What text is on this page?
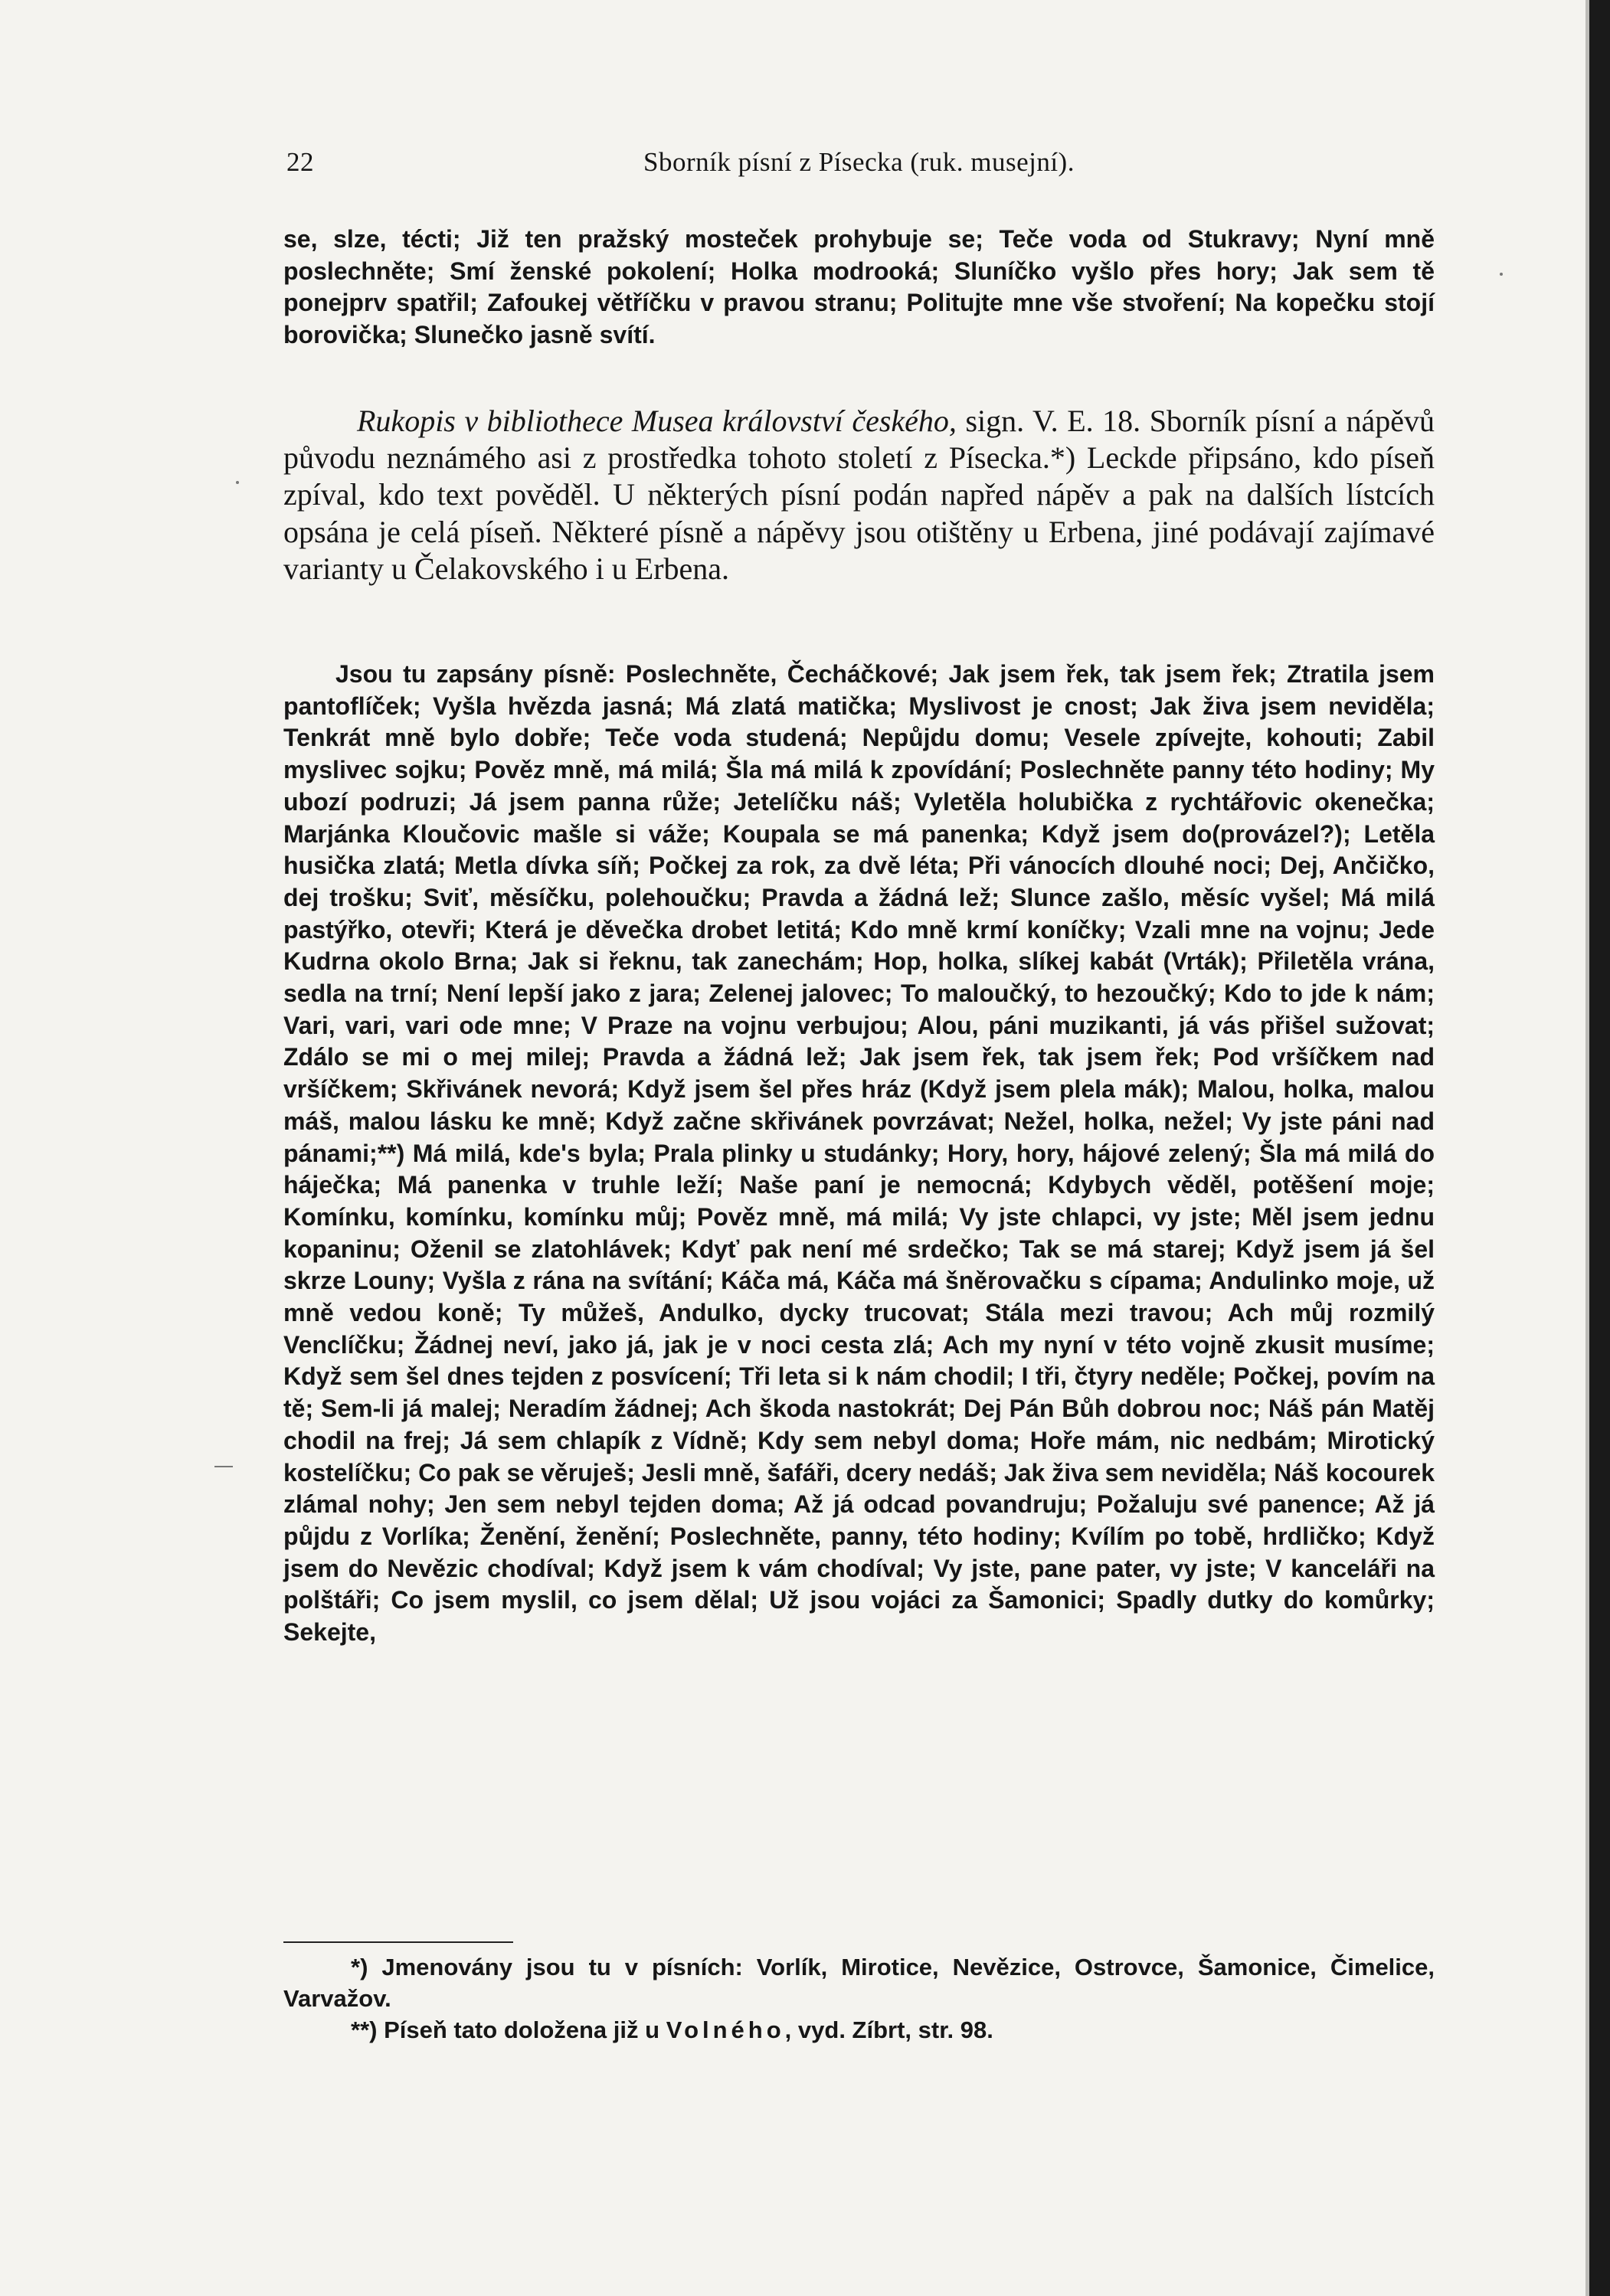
22	Sborník písní z Písecka (ruk. musejní).

se, slze, técti; Již ten pražský mosteček prohybuje se; Teče voda od Stukravy; Nyní mně poslechněte; Smí ženské pokolení; Holka modrooká; Sluníčko vyšlo přes hory; Jak sem tě ponejprv spatřil; Zafoukej větříčku v pravou stranu; Politujte mne vše stvoření; Na kopečku stojí borovička; Slunečko jasně svítí.

Rukopis v bibliothece Musea království českého, sign. V. E. 18. Sborník písní a nápěvů původu neznámého asi z prostředka tohoto století z Písecka.*) Leckde připsáno, kdo píseň zpíval, kdo text pověděl. U některých písní podán napřed nápěv a pak na dalších lístcích opsána je celá píseň. Některé písně a nápěvy jsou otištěny u Erbena, jiné podávají zajímavé varianty u Čelakovského i u Erbena.

Jsou tu zapsány písně: Poslechněte, Čecháčkové; Jak jsem řek, tak jsem řek; Ztratila jsem pantoflíček; Vyšla hvězda jasná; Má zlatá matička; Myslivost je cnost; Jak živa jsem neviděla; Tenkrát mně bylo dobře; Teče voda studená; Nepůjdu domu; Vesele zpívejte, kohouti; Zabil myslivec sojku; Pověz mně, má milá; Šla má milá k zpovídání; Poslechněte panny této hodiny; My ubozí podruzi; Já jsem panna růže; Jetelíčku náš; Vyletěla holubička z rychtářovic okenečka; Marjánka Kloučovic mašle si váže; Koupala se má panenka; Když jsem do(provázel?); Letěla husička zlatá; Metla dívka síň; Počkej za rok, za dvě léta; Při vánocích dlouhé noci; Dej, Ančičko, dej trošku; Sviť, měsíčku, polehoučku; Pravda a žádná lež; Slunce zašlo, měsíc vyšel; Má milá pastýřko, otevři; Která je děvečka drobet letitá; Kdo mně krmí koníčky; Vzali mne na vojnu; Jede Kudrna okolo Brna; Jak si řeknu, tak zanechám; Hop, holka, slíkej kabát (Vrták); Přiletěla vrána, sedla na trní; Není lepší jako z jara; Zelenej jalovec; To maloučký, to hezoučký; Kdo to jde k nám; Vari, vari, vari ode mne; V Praze na vojnu verbujou; Alou, páni muzikanti, já vás přišel sužovat; Zdálo se mi o mej milej; Pravda a žádná lež; Jak jsem řek, tak jsem řek; Pod vršíčkem nad vršíčkem; Skřivánek nevorá; Když jsem šel přes hráz (Když jsem plela mák); Malou, holka, malou máš, malou lásku ke mně; Když začne skřivánek povrzávat; Nežel, holka, nežel; Vy jste páni nad pánami;**) Má milá, kde's byla; Prala plinky u studánky; Hory, hory, hájové zelený; Šla má milá do háječka; Má panenka v truhle leží; Naše paní je nemocná; Kdybych věděl, potěšení moje; Komínku, komínku, komínku můj; Pověz mně, má milá; Vy jste chlapci, vy jste; Měl jsem jednu kopaninu; Oženil se zlatohlávek; Kdyť pak není mé srdečko; Tak se má starej; Když jsem já šel skrze Louny; Vyšla z rána na svítání; Káča má, Káča má šněrovačku s cípama; Andulinko moje, už mně vedou koně; Ty můžeš, Andulko, dycky trucovat; Stála mezi travou; Ach můj rozmilý Venclíčku; Žádnej neví, jako já, jak je v noci cesta zlá; Ach my nyní v této vojně zkusit musíme; Když sem šel dnes tejden z posvícení; Tři leta si k nám chodil; I tři, čtyry neděle; Počkej, povím na tě; Sem-li já malej; Neradím žádnej; Ach škoda nastokrát; Dej Pán Bůh dobrou noc; Náš pán Matěj chodil na frej; Já sem chlapík z Vídně; Kdy sem nebyl doma; Hoře mám, nic nedbám; Mirotický kostelíčku; Co pak se věruješ; Jesli mně, šafáři, dcery nedáš; Jak živa sem neviděla; Náš kocourek zlámal nohy; Jen sem nebyl tejden doma; Až já odcad povandruju; Požaluju své panence; Až já půjdu z Vorlíka; Ženění, ženění; Poslechněte, panny, této hodiny; Kvílím po tobě, hrdličko; Když jsem do Nevězic chodíval; Když jsem k vám chodíval; Vy jste, pane pater, vy jste; V kanceláři na polštáři; Co jsem myslil, co jsem dělal; Už jsou vojáci za Šamonici; Spadly dutky do komůrky; Sekejte,

*) Jmenovány jsou tu v písních: Vorlík, Mirotice, Nevězice, Ostrovce, Šamonice, Čimelice, Varvažov.

**) Píseň tato doložena již u Volného, vyd. Zíbrt, str. 98.
